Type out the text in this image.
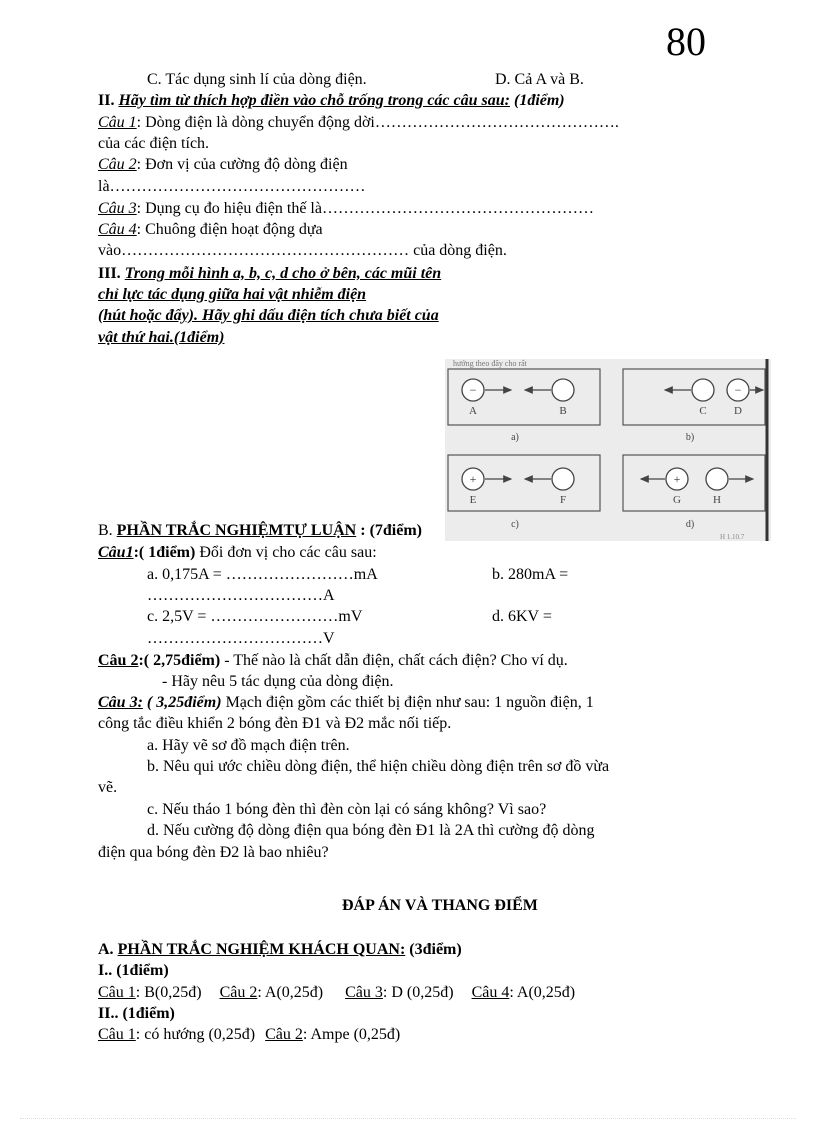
80
C. Tác dụng sinh lí của dòng điện.	D. Cả A và B.
II. Hãy tìm từ thích hợp điền vào chỗ trống trong các câu sau: (1điểm)
Câu 1: Dòng điện là dòng chuyển động dời……………………………………….
của các điện tích.
Câu 2: Đơn vị của cường độ dòng điện
là…………………………………………
Câu 3: Dụng cụ đo hiệu điện thế là……………………………………………
Câu 4: Chuông điện hoạt động dựa
vào……………………………………………… của dòng điện.
III. Trong mỗi hình a, b, c, d cho ở bên, các mũi tên
chỉ lực tác dụng giữa hai vật nhiễm điện
(hút hoặc đẩy). Hãy ghi dấu điện tích chưa biết của
vật thứ hai.(1điểm)
hướng theo đây cho rất
−
A	B
a)
−
C D
b)
+
E	F
c)
+
G	H
d)
H 1.10.7
B. PHẦN TRẮC NGHIỆMTỰ LUẬN : (7điểm)
Câu1:( 1điểm) Đổi đơn vị cho các câu sau:
a. 0,175A = ……………………mA	b. 280mA =
……………………………A
c. 2,5V = ……………………mV	d. 6KV =
……………………………V
Câu 2:( 2,75điểm) - Thế nào là chất dẫn điện, chất cách điện? Cho ví dụ.
- Hãy nêu 5 tác dụng của dòng điện.
Câu 3: ( 3,25điểm) Mạch điện gồm các thiết bị điện như sau: 1 nguồn điện, 1
công tắc điều khiển 2 bóng đèn Đ1 và Đ2 mắc nối tiếp.
a. Hãy vẽ sơ đồ mạch điện trên.
b. Nêu qui ước chiều dòng điện, thể hiện chiều dòng điện trên sơ đồ vừa
vẽ.
c. Nếu tháo 1 bóng đèn thì đèn còn lại có sáng không? Vì sao?
d. Nếu cường độ dòng điện qua bóng đèn Đ1 là 2A thì cường độ dòng
điện qua bóng đèn Đ2 là bao nhiêu?
ĐÁP ÁN VÀ THANG ĐIỂM
A. PHẦN TRẮC NGHIỆM KHÁCH QUAN: (3điểm)
I.. (1điểm)
Câu 1: B(0,25đ) Câu 2: A(0,25đ) Câu 3: D (0,25đ) Câu 4: A(0,25đ)
II.. (1điểm)
Câu 1: có hướng (0,25đ) Câu 2: Ampe (0,25đ)
